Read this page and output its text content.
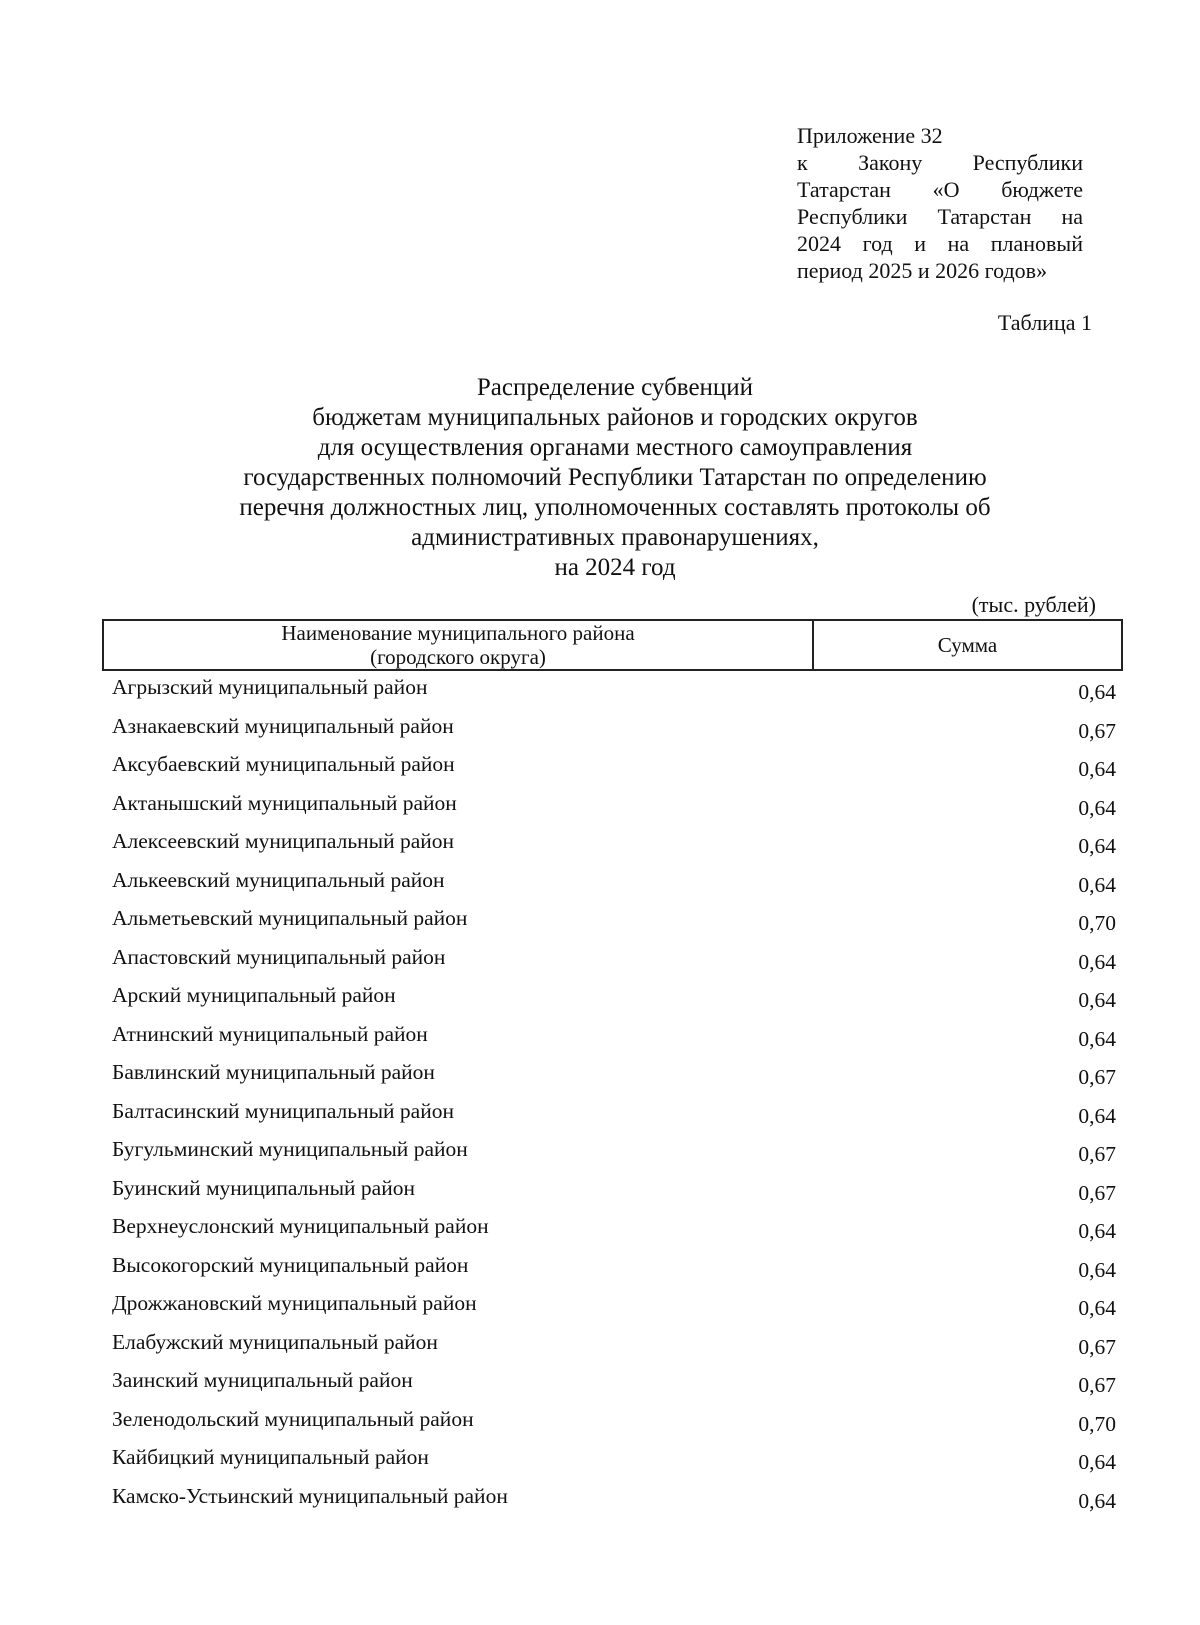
Приложение 32
к Закону Республики
Татарстан «О бюджете
Республики Татарстан на
2024 год и на плановый
период 2025 и 2026 годов»
Таблица 1
Распределение субвенций
бюджетам муниципальных районов и городских округов
для осуществления органами местного самоуправления
государственных полномочий Республики Татарстан по определению
перечня должностных лиц, уполномоченных составлять протоколы об
административных правонарушениях,
на 2024 год
(тыс. рублей)
Наименование муниципального района
(городского округа)	Сумма
Агрызский муниципальный район	0,64
Азнакаевский муниципальный район	0,67
Аксубаевский муниципальный район	0,64
Актанышский муниципальный район	0,64
Алексеевский муниципальный район	0,64
Алькеевский муниципальный район	0,64
Альметьевский муниципальный район	0,70
Апастовский муниципальный район	0,64
Арский муниципальный район	0,64
Атнинский муниципальный район	0,64
Бавлинский муниципальный район	0,67
Балтасинский муниципальный район	0,64
Бугульминский муниципальный район	0,67
Буинский муниципальный район	0,67
Верхнеуслонский муниципальный район	0,64
Высокогорский муниципальный район	0,64
Дрожжановский муниципальный район	0,64
Елабужский муниципальный район	0,67
Заинский муниципальный район	0,67
Зеленодольский муниципальный район	0,70
Кайбицкий муниципальный район	0,64
Камско-Устьинский муниципальный район	0,64
